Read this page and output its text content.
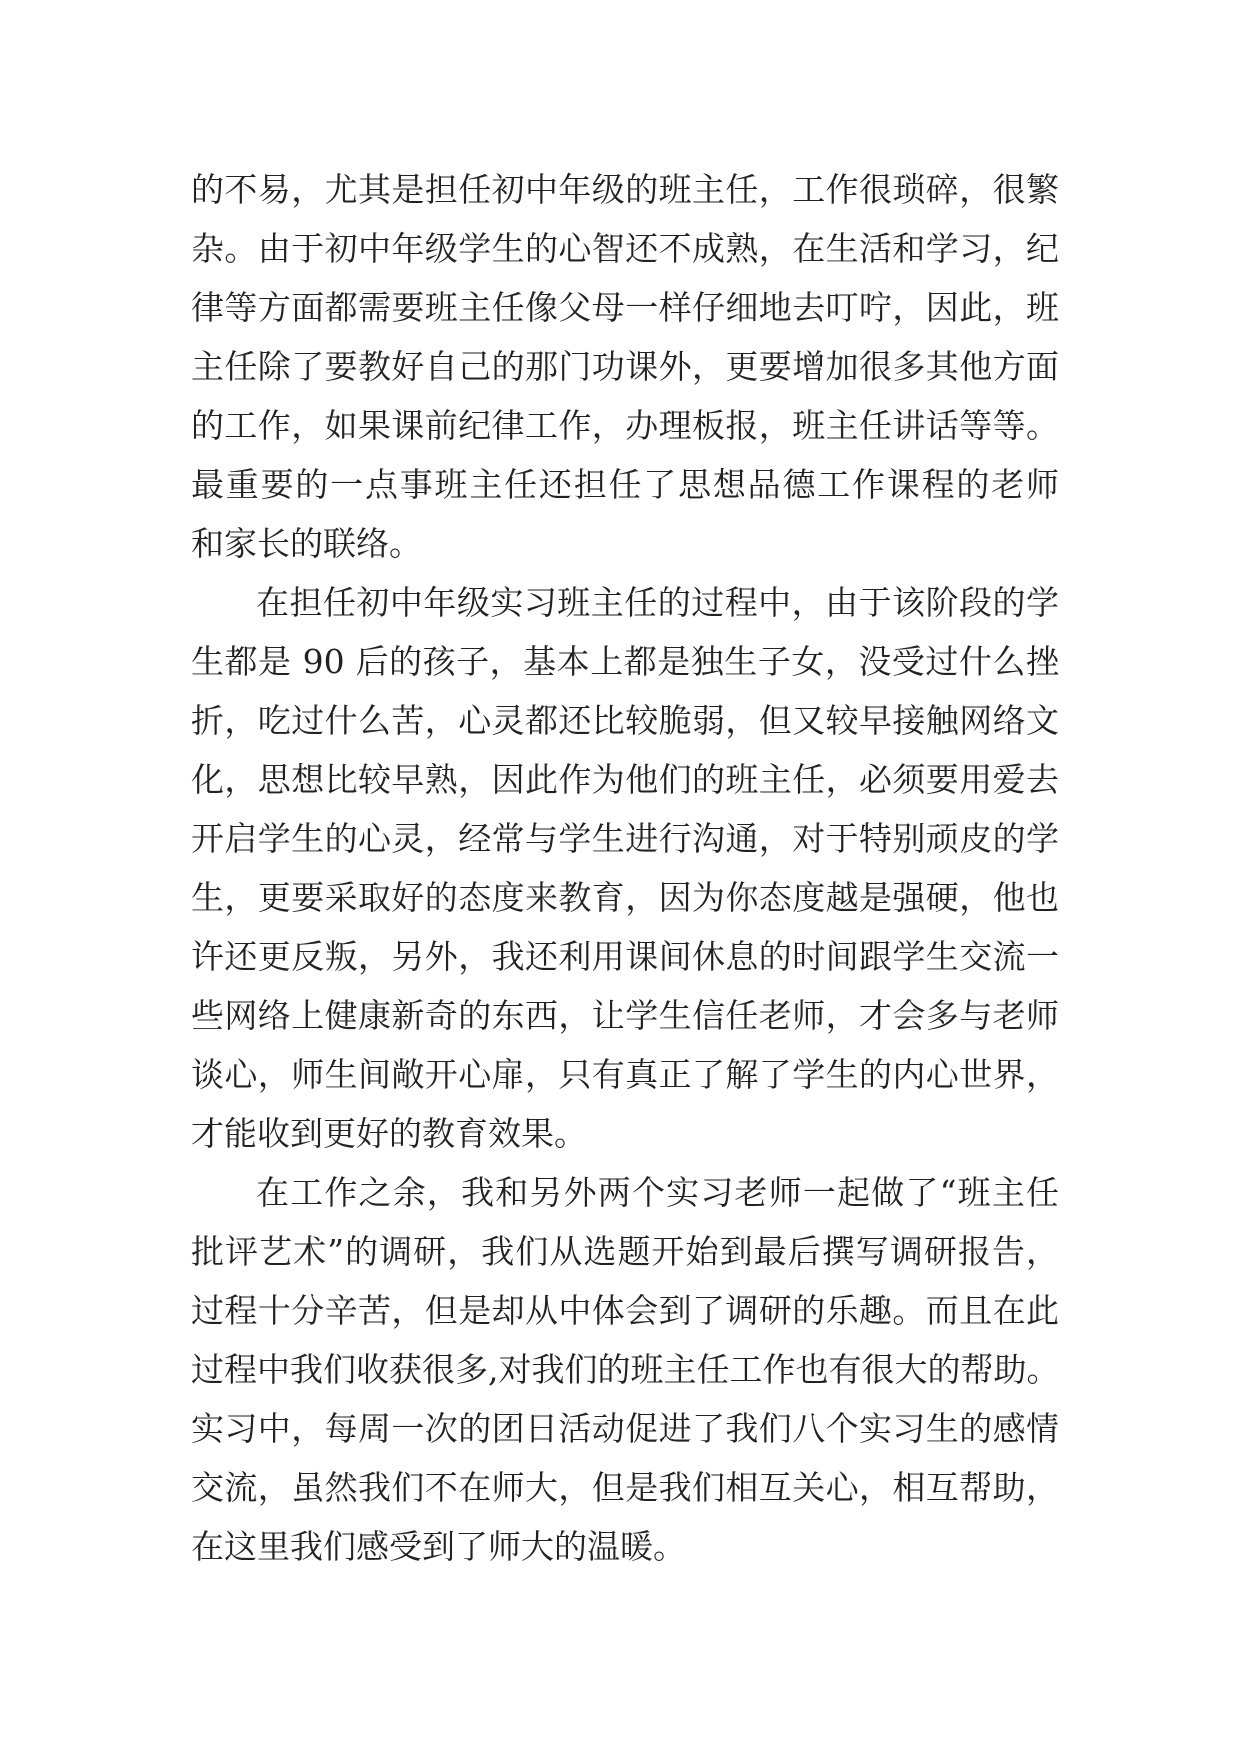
的不易，尤其是担任初中年级的班主任，工作很琐碎，很繁
杂。由于初中年级学生的心智还不成熟，在生活和学习，纪
律等方面都需要班主任像父母一样仔细地去叮咛，因此，班
主任除了要教好自己的那门功课外，更要增加很多其他方面
的工作，如果课前纪律工作，办理板报，班主任讲话等等。
最重要的一点事班主任还担任了思想品德工作课程的老师
和家长的联络。
在担任初中年级实习班主任的过程中，由于该阶段的学
生都是 90 后的孩子，基本上都是独生子女，没受过什么挫
折，吃过什么苦，心灵都还比较脆弱，但又较早接触网络文
化，思想比较早熟，因此作为他们的班主任，必须要用爱去
开启学生的心灵，经常与学生进行沟通，对于特别顽皮的学
生，更要采取好的态度来教育，因为你态度越是强硬，他也
许还更反叛，另外，我还利用课间休息的时间跟学生交流一
些网络上健康新奇的东西，让学生信任老师，才会多与老师
谈心，师生间敞开心扉，只有真正了解了学生的内心世界，
才能收到更好的教育效果。
在工作之余，我和另外两个实习老师一起做了“班主任
批评艺术”的调研，我们从选题开始到最后撰写调研报告，
过程十分辛苦，但是却从中体会到了调研的乐趣。而且在此
过程中我们收获很多,对我们的班主任工作也有很大的帮助。
实习中，每周一次的团日活动促进了我们八个实习生的感情
交流，虽然我们不在师大，但是我们相互关心，相互帮助，
在这里我们感受到了师大的温暖。
